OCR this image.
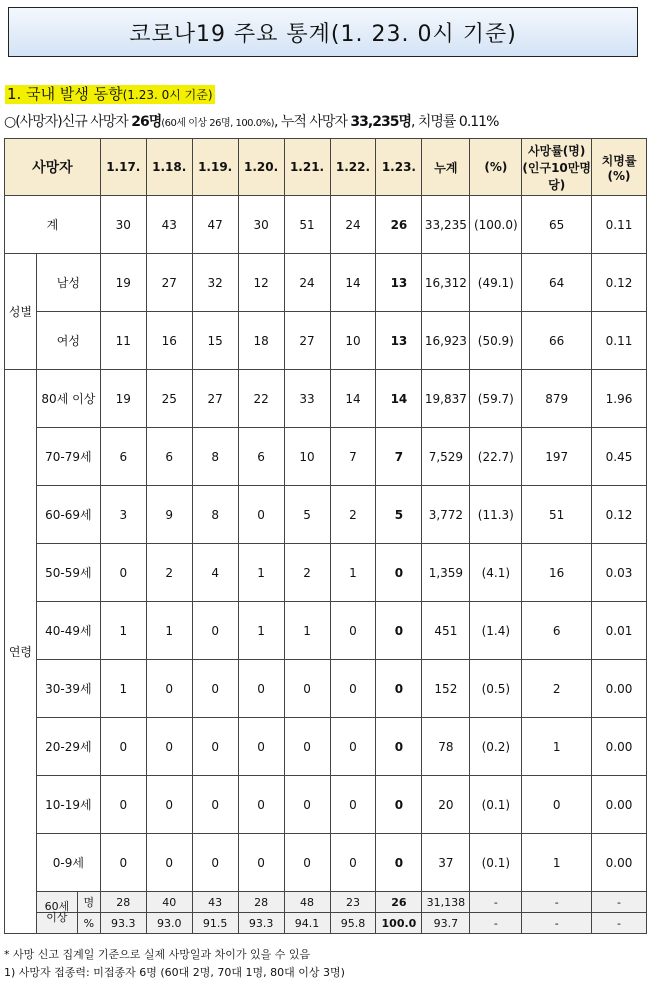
코로나19 주요 통계(1. 23. 0시 기준)
1. 국내 발생 동향(1.23. 0시 기준)
○(사망자)신규 사망자 26명(60세 이상 26명, 100.0%), 누적 사망자 33,235명, 치명률 0.11%
사망자		1.17.	1.18.	1.19.	1.20.	1.21.	1.22.	1.23.	누계	(%)	사망률(명)(인구10만명당)	치명률(%)
계		30	43	47	30	51	24	26	33,235	(100.0)	65	0.11
성별	남성	19	27	32	12	24	14	13	16,312	(49.1)	64	0.12
	여성	11	16	15	18	27	10	13	16,923	(50.9)	66	0.11
연령	80세 이상	19	25	27	22	33	14	14	19,837	(59.7)	879	1.96
	70-79세	6	6	8	6	10	7	7	7,529	(22.7)	197	0.45
	60-69세	3	9	8	0	5	2	5	3,772	(11.3)	51	0.12
	50-59세	0	2	4	1	2	1	0	1,359	(4.1)	16	0.03
	40-49세	1	1	0	1	1	0	0	451	(1.4)	6	0.01
	30-39세	1	0	0	0	0	0	0	152	(0.5)	2	0.00
	20-29세	0	0	0	0	0	0	0	78	(0.2)	1	0.00
	10-19세	0	0	0	0	0	0	0	20	(0.1)	0	0.00
	0-9세	0	0	0	0	0	0	0	37	(0.1)	1	0.00

	60세 이상
명	28	40	43	28	48	23	26	31,138	-	-	-

%	93.3	93.0	91.5	93.3	94.1	95.8	100.0	93.7	-	-	-
* 사망 신고 집계일 기준으로 실제 사망일과 차이가 있을 수 있음
1) 사망자 접종력: 미접종자 6명 (60대 2명, 70대 1명, 80대 이상 3명)
